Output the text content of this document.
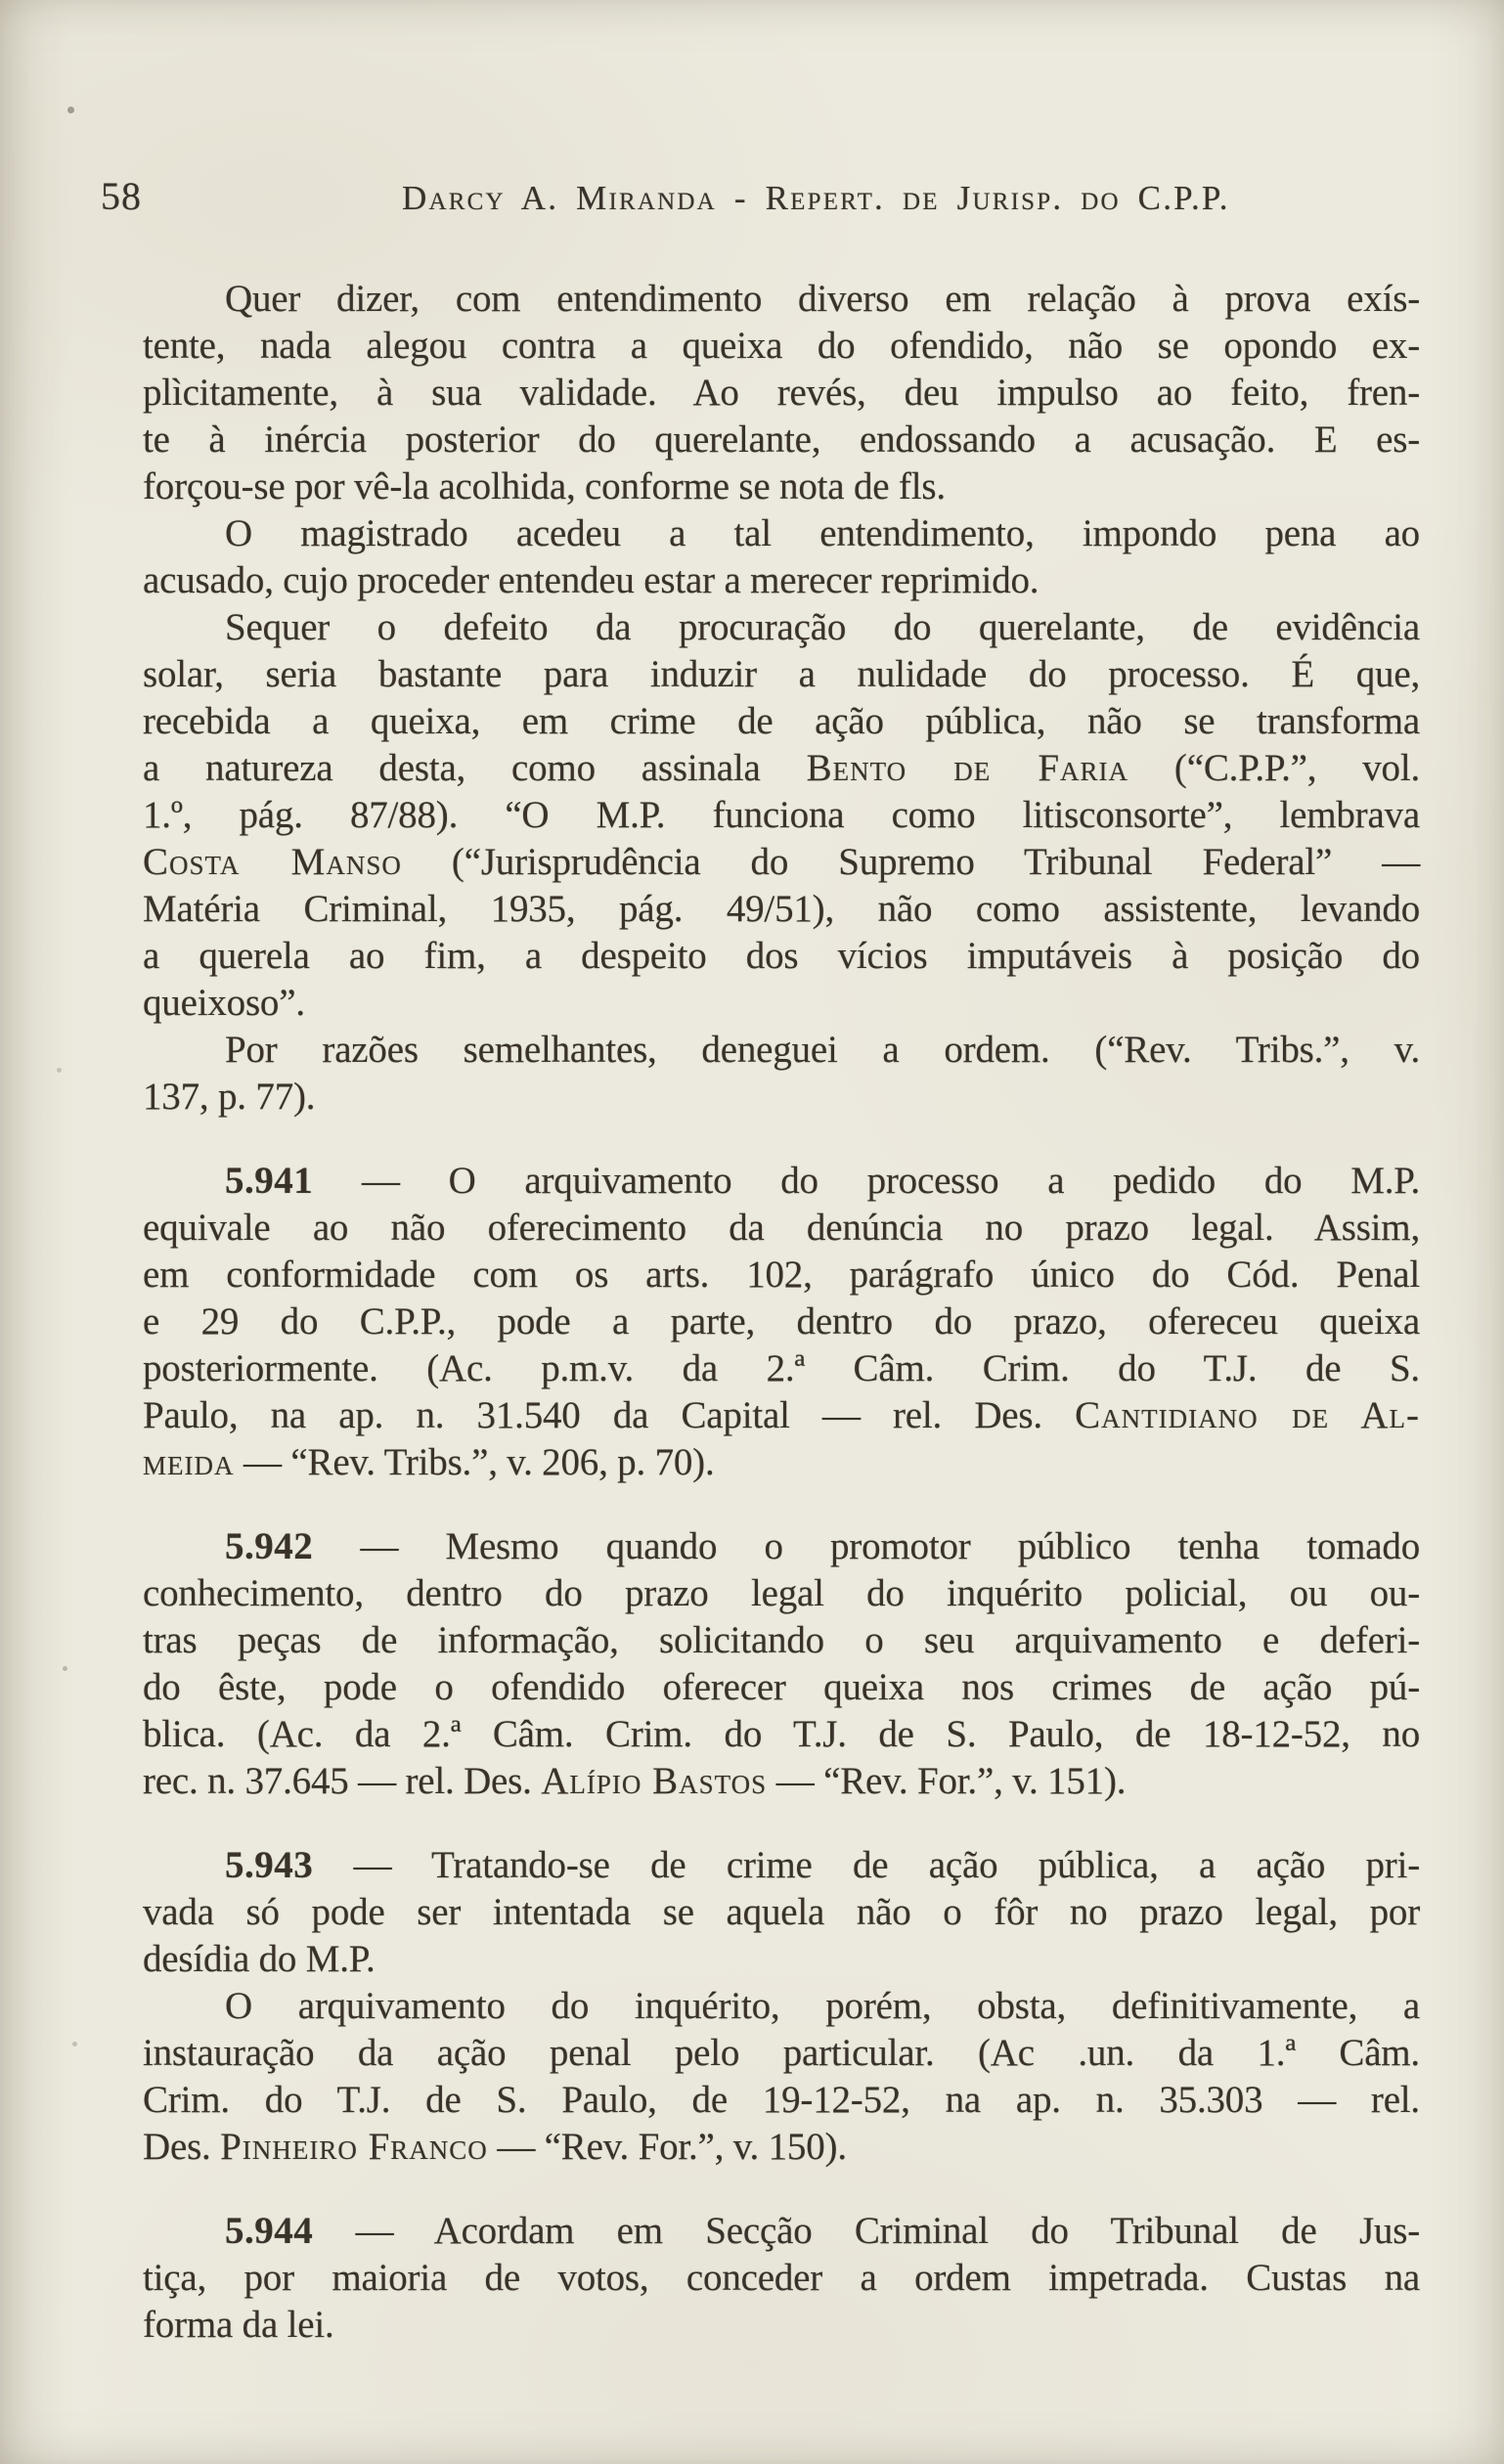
58	Darcy A. Miranda - Repert. de Jurisp. do C.P.P.
Quer dizer, com entendimento diverso em relação à prova exís-
tente, nada alegou contra a queixa do ofendido, não se opondo ex-
plìcitamente, à sua validade. Ao revés, deu impulso ao feito, fren-
te à inércia posterior do querelante, endossando a acusação. E es-
forçou-se por vê-la acolhida, conforme se nota de fls.
O magistrado acedeu a tal entendimento, impondo pena ao
acusado, cujo proceder entendeu estar a merecer reprimido.
Sequer o defeito da procuração do querelante, de evidência
solar, seria bastante para induzir a nulidade do processo. É que,
recebida a queixa, em crime de ação pública, não se transforma
a natureza desta, como assinala Bento de Faria (“C.P.P.”, vol.
1.º, pág. 87/88). “O M.P. funciona como litisconsorte”, lembrava
Costa Manso (“Jurisprudência do Supremo Tribunal Federal” —
Matéria Criminal, 1935, pág. 49/51), não como assistente, levando
a querela ao fim, a despeito dos vícios imputáveis à posição do
queixoso”.
Por razões semelhantes, deneguei a ordem. (“Rev. Tribs.”, v.
137, p. 77).
5.941 — O arquivamento do processo a pedido do M.P.
equivale ao não oferecimento da denúncia no prazo legal. Assim,
em conformidade com os arts. 102, parágrafo único do Cód. Penal
e 29 do C.P.P., pode a parte, dentro do prazo, ofereceu queixa
posteriormente. (Ac. p.m.v. da 2.ª Câm. Crim. do T.J. de S.
Paulo, na ap. n. 31.540 da Capital — rel. Des. Cantidiano de Al-
meida — “Rev. Tribs.”, v. 206, p. 70).
5.942 — Mesmo quando o promotor público tenha tomado
conhecimento, dentro do prazo legal do inquérito policial, ou ou-
tras peças de informação, solicitando o seu arquivamento e deferi-
do êste, pode o ofendido oferecer queixa nos crimes de ação pú-
blica. (Ac. da 2.ª Câm. Crim. do T.J. de S. Paulo, de 18-12-52, no
rec. n. 37.645 — rel. Des. Alípio Bastos — “Rev. For.”, v. 151).
5.943 — Tratando-se de crime de ação pública, a ação pri-
vada só pode ser intentada se aquela não o fôr no prazo legal, por
desídia do M.P.
O arquivamento do inquérito, porém, obsta, definitivamente, a
instauração da ação penal pelo particular. (Ac .un. da 1.ª Câm.
Crim. do T.J. de S. Paulo, de 19-12-52, na ap. n. 35.303 — rel.
Des. Pinheiro Franco — “Rev. For.”, v. 150).
5.944 — Acordam em Secção Criminal do Tribunal de Jus-
tiça, por maioria de votos, conceder a ordem impetrada. Custas na
forma da lei.
